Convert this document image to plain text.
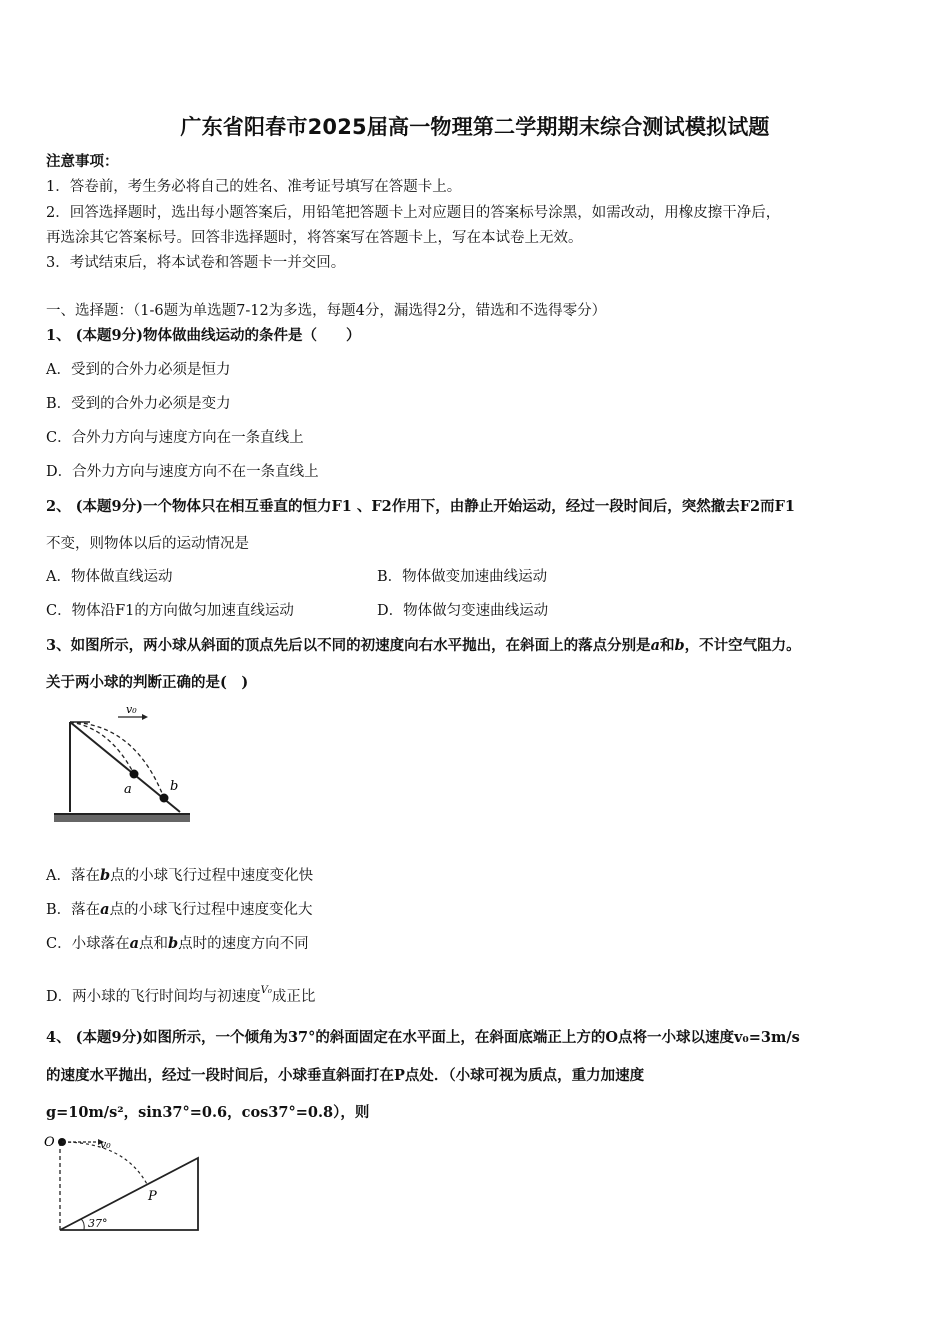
广东省阳春市2025届高一物理第二学期期末综合测试模拟试题
注意事项：
1．答卷前，考生务必将自己的姓名、准考证号填写在答题卡上。
2．回答选择题时，选出每小题答案后，用铅笔把答题卡上对应题目的答案标号涂黑，如需改动，用橡皮擦干净后，
再选涂其它答案标号。回答非选择题时，将答案写在答题卡上，写在本试卷上无效。
3．考试结束后，将本试卷和答题卡一并交回。
一、选择题：（1-6题为单选题7-12为多选，每题4分，漏选得2分，错选和不选得零分）
1、 (本题9分)物体做曲线运动的条件是（　　）
A．受到的合外力必须是恒力
B．受到的合外力必须是变力
C．合外力方向与速度方向在一条直线上
D．合外力方向与速度方向不在一条直线上
2、 (本题9分)一个物体只在相互垂直的恒力F1 、F2作用下，由静止开始运动，经过一段时间后，突然撤去F2而F1
不变，则物体以后的运动情况是
A．物体做直线运动	B．物体做变加速曲线运动
C．物体沿F1的方向做匀加速直线运动	D．物体做匀变速曲线运动
3、如图所示，两小球从斜面的顶点先后以不同的初速度向右水平抛出，在斜面上的落点分别是a和b，不计空气阻力。
关于两小球的判断正确的是(　)
v₀
a	b
A．落在b点的小球飞行过程中速度变化快
B．落在a点的小球飞行过程中速度变化大
C．小球落在a点和b点时的速度方向不同
D．两小球的飞行时间均与初速度$^{V_0}$成正比
4、 (本题9分)如图所示，一个倾角为37°的斜面固定在水平面上，在斜面底端正上方的O点将一小球以速度v₀=3m/s
的速度水平抛出，经过一段时间后，小球垂直斜面打在P点处．（小球可视为质点，重力加速度
g=10m/s²，sin37°=0.6，cos37°=0.8），则
O	v₀
P
37°
